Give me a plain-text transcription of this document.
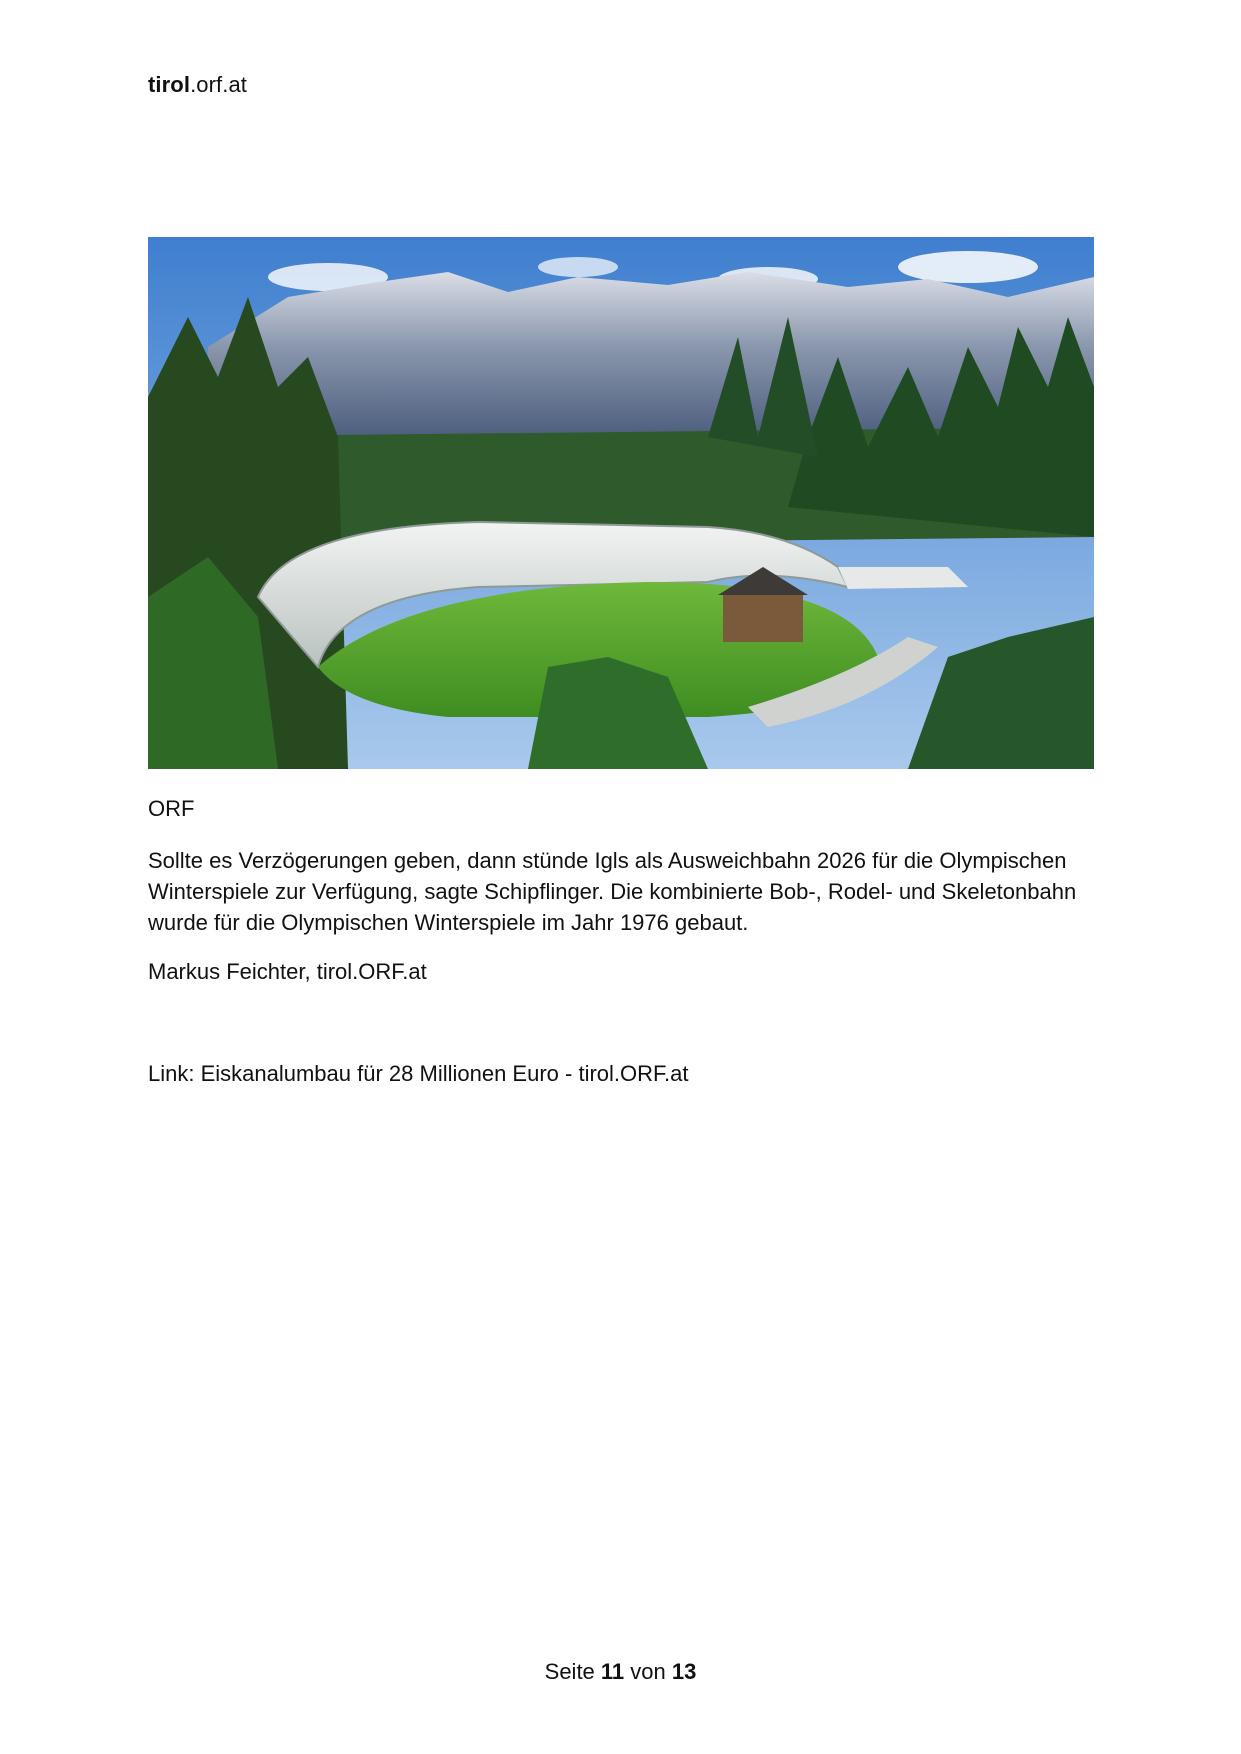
tirol.orf.at
ORF

Sollte es Verzögerungen geben, dann stünde Igls als Ausweichbahn 2026 für die Olympischen Winterspiele zur Verfügung, sagte Schipflinger. Die kombinierte Bob-, Rodel- und Skeletonbahn wurde für die Olympischen Winterspiele im Jahr 1976 gebaut.

Markus Feichter, tirol.ORF.at
Link: Eiskanalumbau für 28 Millionen Euro - tirol.ORF.at
Seite 11 von 13
